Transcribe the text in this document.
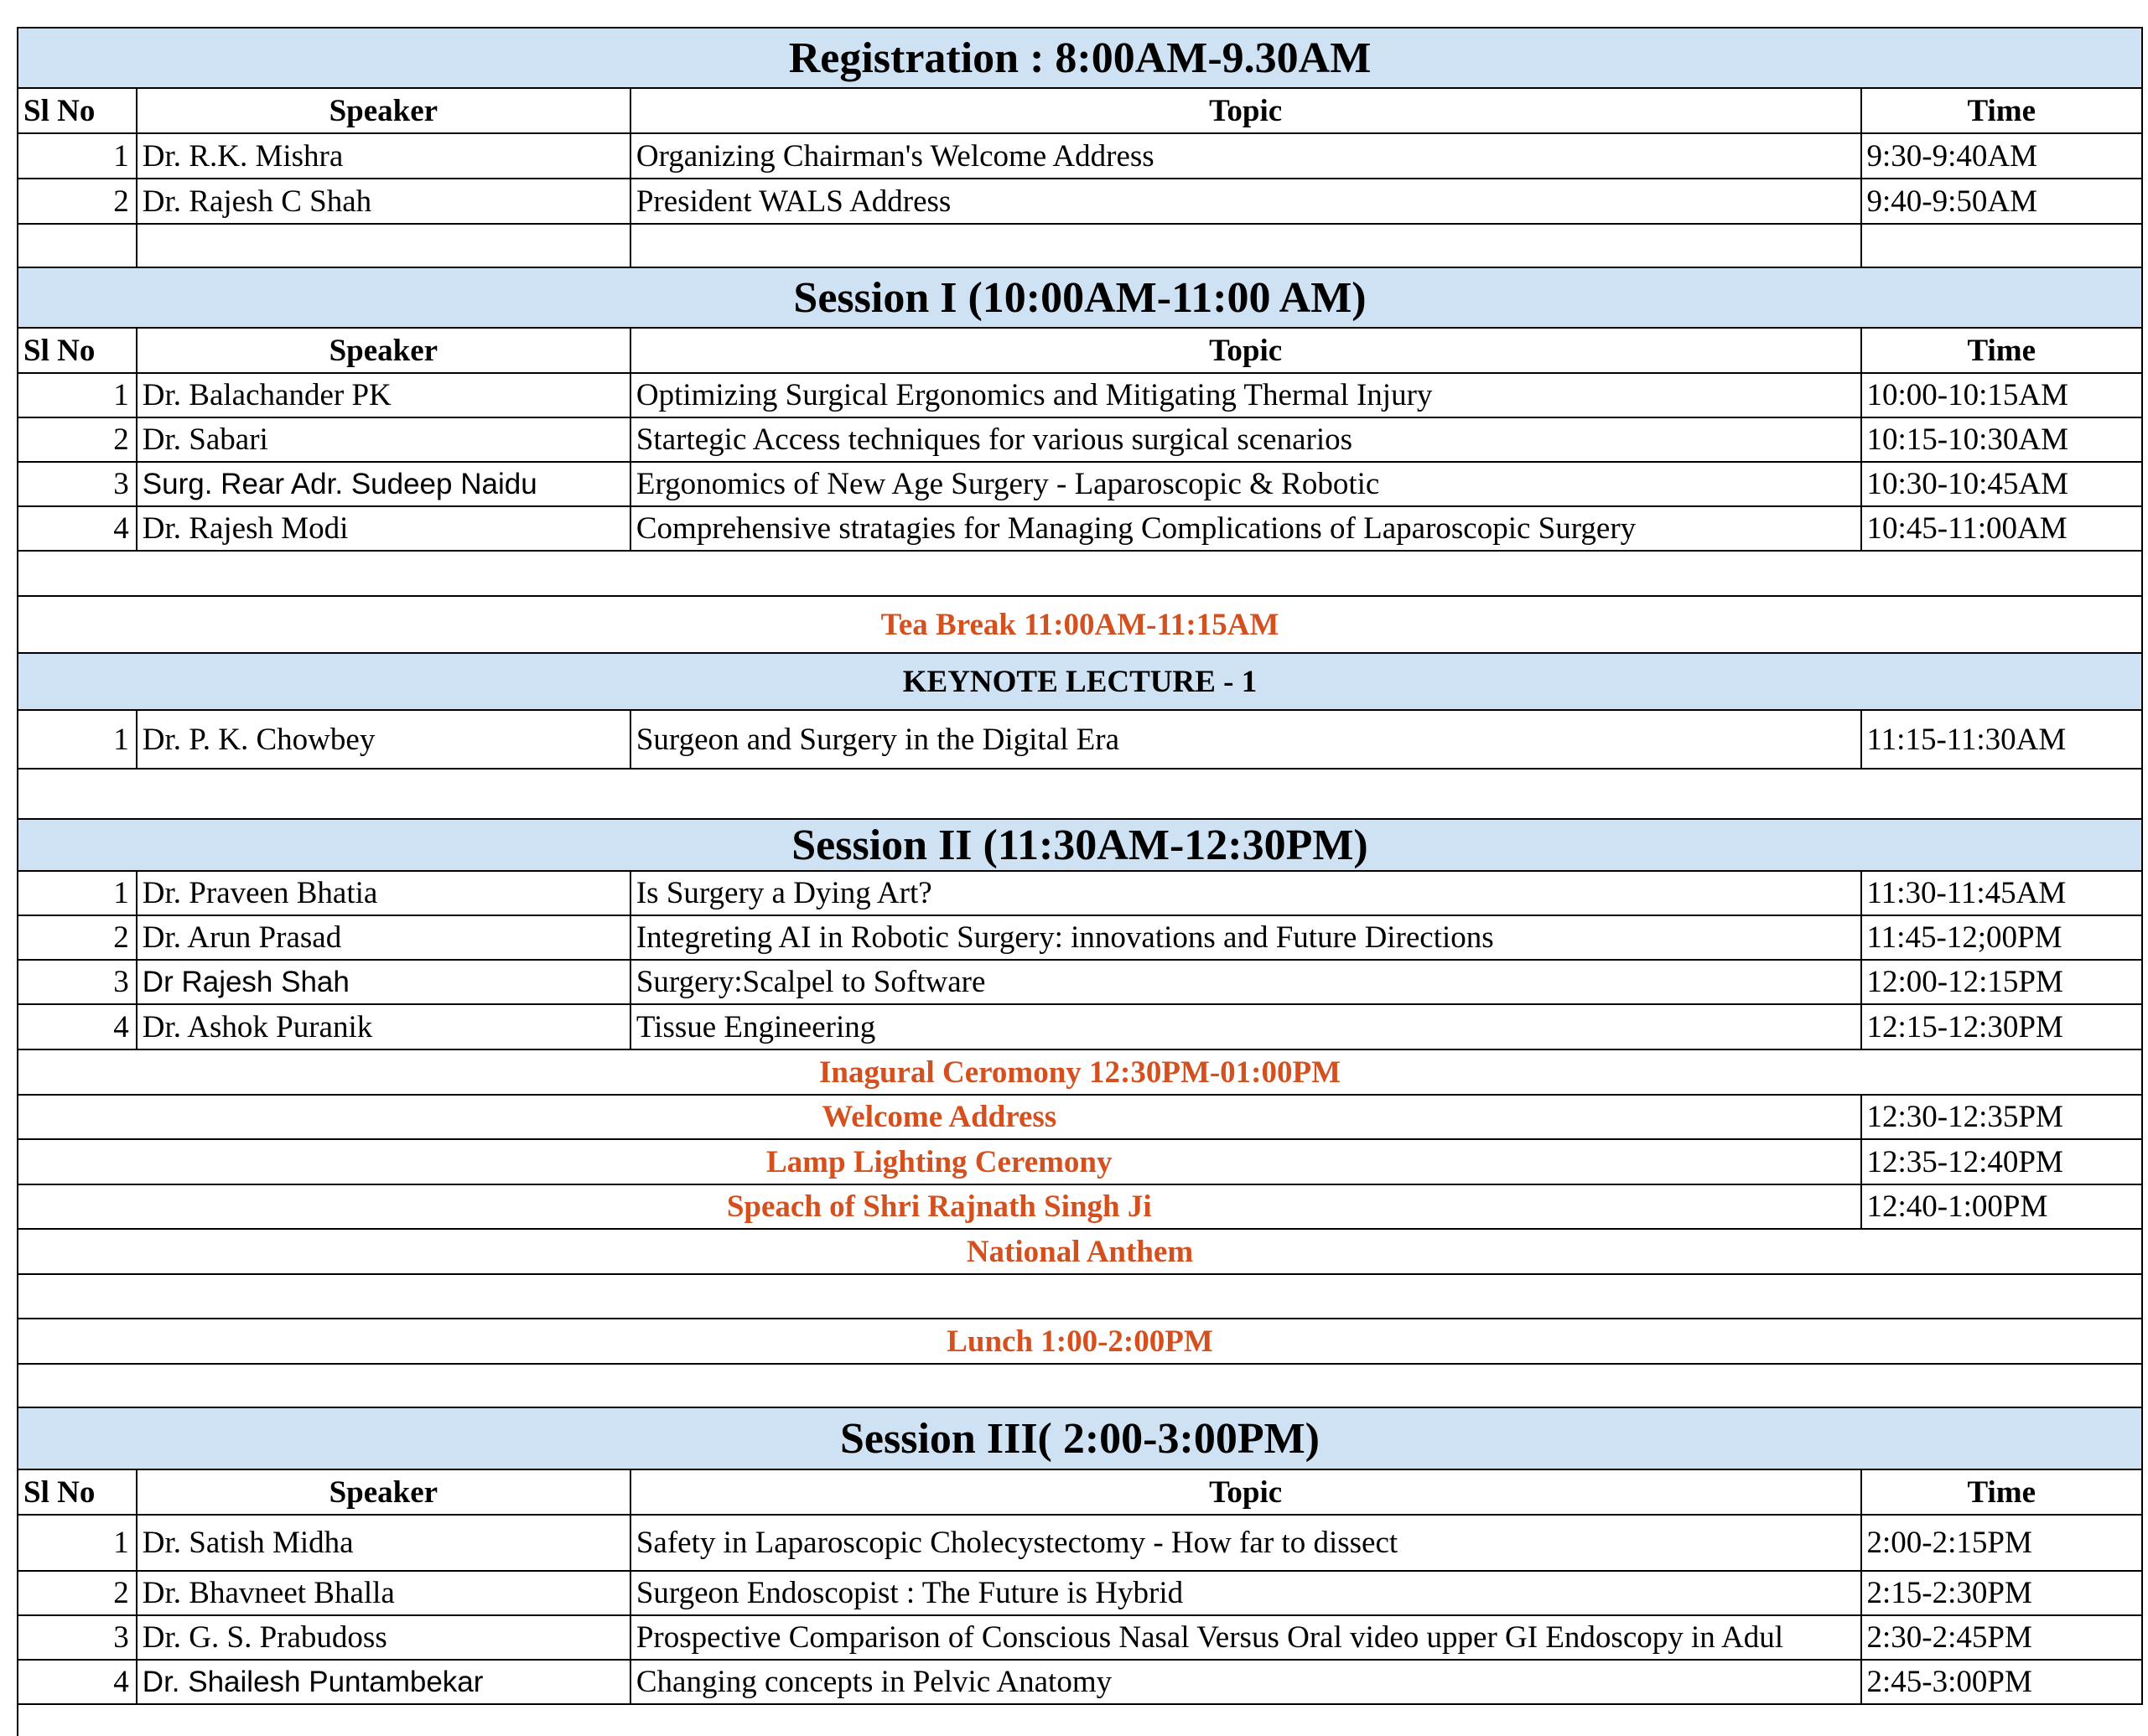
Registration : 8:00AM-9.30AM
Sl No	Speaker	Topic	Time
1 Dr. R.K. Mishra	Organizing Chairman's Welcome Address	9:30-9:40AM
2 Dr. Rajesh C Shah	President WALS Address	9:40-9:50AM
Session I (10:00AM-11:00 AM)
Sl No	Speaker	Topic	Time
1 Dr. Balachander PK	Optimizing Surgical Ergonomics and Mitigating Thermal Injury	10:00-10:15AM
2 Dr. Sabari	Startegic Access techniques for various surgical scenarios	10:15-10:30AM
3 Surg. Rear Adr. Sudeep Naidu	Ergonomics of New Age Surgery - Laparoscopic & Robotic	10:30-10:45AM
4 Dr. Rajesh Modi	Comprehensive stratagies for Managing Complications of Laparoscopic Surgery	10:45-11:00AM
Tea Break 11:00AM-11:15AM
KEYNOTE LECTURE - 1
1 Dr. P. K. Chowbey	Surgeon and Surgery in the Digital Era	11:15-11:30AM
Session II (11:30AM-12:30PM)
1 Dr. Praveen Bhatia	Is Surgery a Dying Art?	11:30-11:45AM
2 Dr. Arun Prasad	Integreting AI in Robotic Surgery: innovations and Future Directions	11:45-12;00PM
3 Dr Rajesh Shah	Surgery:Scalpel to Software	12:00-12:15PM
4 Dr. Ashok Puranik	Tissue Engineering	12:15-12:30PM
Inagural Ceromony 12:30PM-01:00PM
Welcome Address	12:30-12:35PM
Lamp Lighting Ceremony	12:35-12:40PM
Speach of Shri Rajnath Singh Ji	12:40-1:00PM
National Anthem
Lunch 1:00-2:00PM
Session III( 2:00-3:00PM)
Sl No	Speaker	Topic	Time
1 Dr. Satish Midha	Safety in Laparoscopic Cholecystectomy - How far to dissect	2:00-2:15PM
2 Dr. Bhavneet Bhalla	Surgeon Endoscopist : The Future is Hybrid	2:15-2:30PM
3 Dr. G. S. Prabudoss	Prospective Comparison of Conscious Nasal Versus Oral video upper GI Endoscopy in Adul	2:30-2:45PM
4 Dr. Shailesh Puntambekar	Changing concepts in Pelvic Anatomy	2:45-3:00PM
